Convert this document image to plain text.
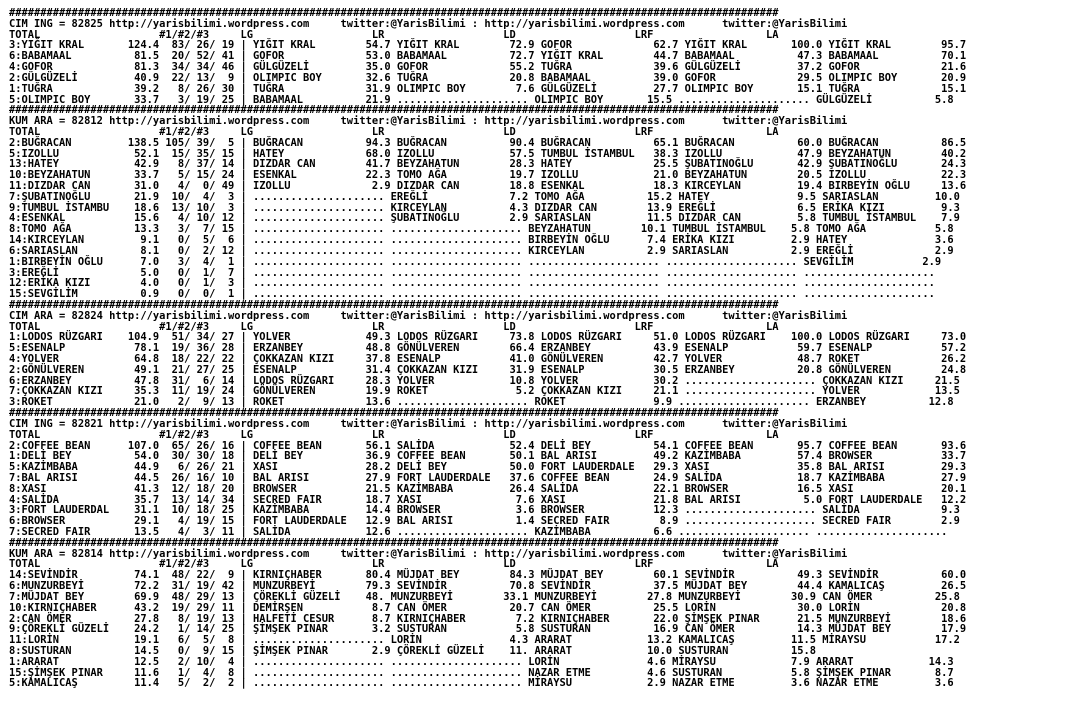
###########################################################################################################################
CIM ING = 82825 http://yarisbilimi.wordpress.com     twitter:@YarisBilimi : http://yarisbilimi.wordpress.com      twitter:@YarisBilimi
TOTAL                   #1/#2/#3     LG                   LR                   LD                   LRF                  LA
3:YIĞIT KRAL       124.4  83/ 26/ 19 | YIĞIT KRAL        54.7 YIĞIT KRAL        72.9 GOFOR             62.7 YIĞIT KRAL       100.0 YIĞIT KRAL        95.7
6:BABAMAAL          81.5  20/ 52/ 41 | GOFOR             53.0 BABAMAAL          72.7 YIĞIT KRAL        44.7 BABAMAAL          47.3 BABAMAAL          70.1
4:GOFOR             81.3  34/ 34/ 46 | GÜLGÜZELİ         35.0 GOFOR             55.2 TUĞRA             39.6 GÜLGÜZELİ         37.2 GOFOR             21.6
2:GÜLGÜZELİ         40.9  22/ 13/  9 | OLIMPIC BOY       32.6 TUĞRA             20.8 BABAMAAL          39.0 GOFOR             29.5 OLIMPIC BOY       20.9
1:TUĞRA             39.2   8/ 26/ 30 | TUĞRA             31.9 OLIMPIC BOY        7.6 GÜLGÜZELİ         27.7 OLIMPIC BOY       15.1 TUĞRA             15.1
5:OLIMPIC BOY       33.7   3/ 19/ 25 | BABAMAAL          21.9 ..................... OLIMPIC BOY       15.5 ..................... GÜLGÜZELİ          5.8
###########################################################################################################################
KUM ARA = 82812 http://yarisbilimi.wordpress.com     twitter:@YarisBilimi : http://yarisbilimi.wordpress.com      twitter:@YarisBilimi
TOTAL                   #1/#2/#3     LG                   LR                   LD                   LRF                  LA
2:BUĞRACAN         138.5 105/ 39/  5 | BUĞRACAN          94.3 BUĞRACAN          90.4 BUĞRACAN          65.1 BUĞRACAN          60.0 BUĞRACAN          86.5
5:IZOLLU            52.1  15/ 35/ 15 | HATEY             68.0 IZOLLU            57.5 TUMBUL İSTAMBUL   38.3 IZOLLU            47.9 BEYZAHATUN        40.2
13:HATEY            42.9   8/ 37/ 14 | DIZDAR CAN        41.7 BEYZAHATUN        28.3 HATEY             25.5 ŞUBATINOĞLU       42.9 ŞUBATINOĞLU       24.3
10:BEYZAHATUN       33.7   5/ 15/ 24 | ESENKAL           22.3 TOMO AĞA          19.7 IZOLLU            21.0 BEYZAHATUN        20.5 IZOLLU            22.3
11:DIZDAR CAN       31.0   4/  0/ 49 | IZOLLU             2.9 DIZDAR CAN        18.8 ESENKAL           18.3 KIRCEYLAN         19.4 BIRBEYİN OĞLU     13.6
7:ŞUBATINOĞLU       21.9  10/  4/  3 | ..................... EREĞLİ             7.2 TOMO AĞA          15.2 HATEY              9.5 SARIASLAN         10.0
9:TUMBUL İSTAMBU    18.6  13/ 10/  3 | ..................... KIRCEYLAN          4.3 DIZDAR CAN        13.9 EREĞLİ             6.5 ERİKA KIZI         9.3
4:ESENKAL           15.6   4/ 10/ 12 | ..................... ŞUBATINOĞLU        2.9 SARIASLAN         11.5 DIZDAR CAN         5.8 TUMBUL İSTAMBUL    7.9
8:TOMO AĞA          13.3   3/  7/ 15 | ..................... ..................... BEYZAHATUN        10.1 TUMBUL İSTAMBUL    5.8 TOMO AĞA           5.8
14:KIRCEYLAN         9.1   0/  5/  6 | ..................... ..................... BIRBEYİN OĞLU      7.4 ERİKA KIZI         2.9 HATEY              3.6
6:SARIASLAN          8.1   0/  2/ 12 | ..................... ..................... KIRCEYLAN          2.9 SARIASLAN          2.9 EREĞLİ             2.9
1:BIRBEYİN OĞLU      7.0   3/  4/  1 | ..................... ..................... ..................... ..................... SEVGİLİM           2.9
3:EREĞLİ             5.0   0/  1/  7 | ..................... ..................... ..................... ..................... .....................
12:ERİKA KIZI        4.0   0/  1/  3 | ..................... ..................... ..................... ..................... .....................
15:SEVGİLİM          0.9   0/  0/  1 | ..................... ..................... ..................... ..................... .....................
###########################################################################################################################
CIM ARA = 82824 http://yarisbilimi.wordpress.com     twitter:@YarisBilimi : http://yarisbilimi.wordpress.com      twitter:@YarisBilimi
TOTAL                   #1/#2/#3     LG                   LR                   LD                   LRF                  LA
1:LODOS RÜZGARI    104.9  51/ 34/ 27 | YOLVER            49.3 LODOS RÜZGARI     73.8 LODOS RÜZGARI     51.0 LODOS RÜZGARI    100.0 LODOS RÜZGARI     73.0
5:ESENALP           78.1  19/ 36/ 28 | ERZANBEY          48.8 GÖNÜLVEREN        66.4 ERZANBEY          43.9 ESENALP           59.7 ESENALP           57.2
4:YOLVER            64.8  18/ 22/ 22 | ÇOKKAZAN KIZI     37.8 ESENALP           41.0 GÖNÜLVEREN        42.7 YOLVER            48.7 ROKET             26.2
2:GÖNÜLVEREN        49.1  21/ 27/ 25 | ESENALP           31.4 ÇOKKAZAN KIZI     31.9 ESENALP           30.5 ERZANBEY          20.8 GÖNÜLVEREN        24.8
6:ERZANBEY          47.8  31/  6/ 14 | LODOS RÜZGARI     28.3 YOLVER            10.8 YOLVER            30.2 ..................... ÇOKKAZAN KIZI     21.5
7:ÇOKKAZAN KIZI     35.3  11/ 19/ 24 | GÖNÜLVEREN        19.9 ROKET              5.2 ÇOKKAZAN KIZI     21.1 ..................... YOLVER            13.5
3:ROKET             21.0   2/  9/ 13 | ROKET             13.6 ..................... ROKET              9.9 ..................... ERZANBEY          12.8
###########################################################################################################################
CIM ING = 82821 http://yarisbilimi.wordpress.com     twitter:@YarisBilimi : http://yarisbilimi.wordpress.com      twitter:@YarisBilimi
TOTAL                   #1/#2/#3     LG                   LR                   LD                   LRF                  LA
2:COFFEE BEAN      107.0  65/ 26/ 16 | COFFEE BEAN       56.1 SALİDA            52.4 DELİ BEY          54.1 COFFEE BEAN       95.7 COFFEE BEAN       93.6
1:DELİ BEY          54.0  30/ 30/ 18 | DELİ BEY          36.9 COFFEE BEAN       50.1 BAL ARISI         49.2 KAZİMBABA         57.4 BROWSER           33.7
5:KAZİMBABA         44.9   6/ 26/ 21 | XASI              28.2 DELİ BEY          50.0 FORT LAUDERDALE   29.3 XASI              35.8 BAL ARISI         29.3
7:BAL ARISI         44.5  26/ 16/ 10 | BAL ARISI         27.9 FORT LAUDERDALE   37.6 COFFEE BEAN       24.9 SALİDA            18.7 KAZİMBABA         27.9
8:XASI              41.3  12/ 18/ 20 | BROWSER           21.5 KAZİMBABA         26.4 SALİDA            22.1 BROWSER           16.5 XASI              20.1
4:SALİDA            35.7  13/ 14/ 34 | SECRED FAIR       18.7 XASI               7.6 XASI              21.8 BAL ARISI          5.0 FORT LAUDERDALE   12.2
3:FORT LAUDERDAL    31.1  10/ 18/ 25 | KAZİMBABA         14.4 BROWSER            3.6 BROWSER           12.3 ..................... SALİDA             9.3
6:BROWSER           29.1   4/ 19/ 15 | FORT LAUDERDALE   12.9 BAL ARISI          1.4 SECRED FAIR        8.9 ..................... SECRED FAIR        2.9
7:SECRED FAIR       13.5   4/  3/ 11 | SALİDA            12.6 ..................... KAZİMBABA          6.6 ..................... .....................
###########################################################################################################################
KUM ARA = 82814 http://yarisbilimi.wordpress.com     twitter:@YarisBilimi : http://yarisbilimi.wordpress.com      twitter:@YarisBilimi
TOTAL                   #1/#2/#3     LG                   LR                   LD                   LRF                  LA
14:SEVİNDİR         74.1  48/ 22/  9 | KIRNIÇHABER       80.4 MÜJDAT BEY        84.3 MÜJDAT BEY        60.1 SEVİNDİR          49.3 SEVİNDİR          60.0
6:MUNZURBEYİ        72.2  31/ 19/ 42 | MUNZURBEYİ        79.3 SEVİNDİR          70.8 SEVİNDİR          37.5 MÜJDAT BEY        44.4 KAMALICAŞ         26.5
7:MÜJDAT BEY        69.9  48/ 29/ 13 | ÇÖREKLİ GÜZELİ    48. MUNZURBEYİ        33.1 MUNZURBEYİ        27.8 MUNZURBEYİ        30.9 CAN ÖMER          25.8
10:KIRNIÇHABER      43.2  19/ 29/ 11 | DEMİRŞEN           8.7 CAN ÖMER          20.7 CAN ÖMER          25.5 LORİN             30.0 LORİN             20.8
2:CAN ÖMER          27.8   8/ 19/ 13 | HALFETİ CESUR      8.7 KIRNIÇHABER        7.2 KIRNIÇHABER       22.0 ŞİMŞEK PINAR      21.5 MUNZURBEYİ        18.6
9:ÇÖREKLİ GÜZELİ    24.2   1/ 14/ 25 | ŞİMŞEK PINAR       3.2 SUSTURAN           5.8 SUSTURAN          16.9 CAN ÖMER          14.3 MÜJDAT BEY        17.9
11:LORİN            19.1   6/  5/  8 | ..................... LORİN              4.3 ARARAT            13.2 KAMALICAŞ         11.5 MİRAYSU           17.2
8:SUSTURAN          14.5   0/  9/ 15 | ŞİMŞEK PINAR       2.9 ÇÖREKLİ GÜZELİ    11. ARARAT            10.0 SUSTURAN          15.8
1:ARARAT            12.5   2/ 10/  4 | ..................... ..................... LORİN              4.6 MİRAYSU            7.9 ARARAT            14.3
15:ŞİMŞEK PINAR     11.6   1/  4/  8 | ..................... ..................... NAZAR ETME         4.6 SUSTURAN           5.8 ŞİMŞEK PINAR       8.7
5:KAMALICAŞ         11.4   5/  2/  2 | ..................... ..................... MİRAYSU            2.9 NAZAR ETME         3.6 NAZAR ETME         3.6
